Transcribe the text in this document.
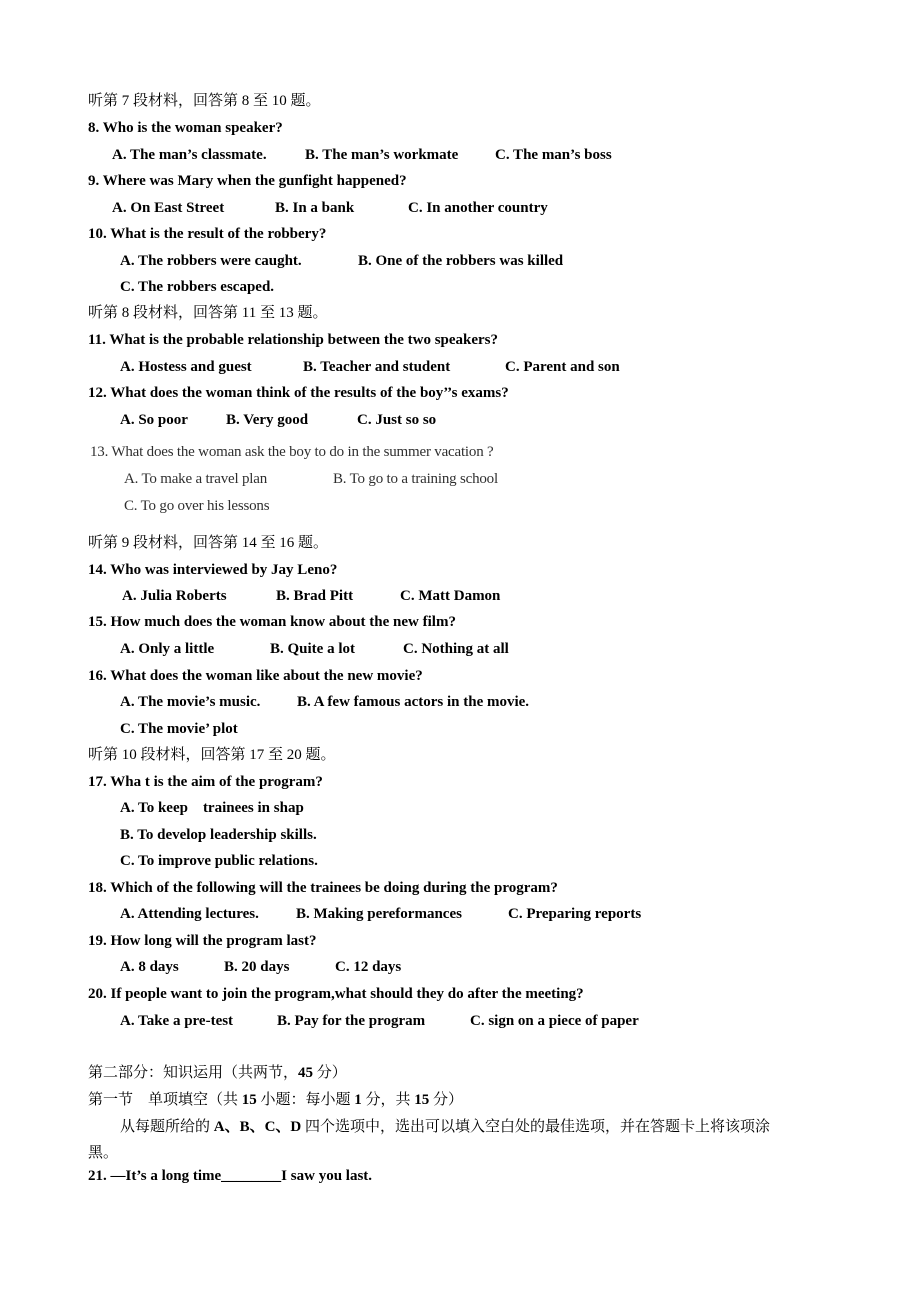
听第 7 段材料，回答第 8 至 10 题。
8. Who is the woman speaker?
A. The man’s classmate.	B. The man’s workmate C. The man’s boss
9. Where was Mary when the gunfight happened?
A. On East Street	B. In a bank	C. In another country
10. What is the result of the robbery?
A. The robbers were caught.	B. One of the robbers was killed
C. The robbers escaped.
听第 8 段材料，回答第 11 至 13 题。
11. What is the probable relationship between the two speakers?
A. Hostess and guest	B. Teacher and student	C. Parent and son
12. What does the woman think of the results of the boy’’s exams?
A. So poor	B. Very good	C. Just so so
13. What does the woman ask the boy to do in the summer vacation ?
A. To make a travel plan	B. To go to a training school
C. To go over his lessons
听第 9 段材料，回答第 14 至 16 题。
14. Who was interviewed by Jay Leno?
A. Julia Roberts	B. Brad Pitt	C. Matt Damon
15. How much does the woman know about the new film?
A. Only a little	B. Quite a lot	C. Nothing at all
16. What does the woman like about the new movie?
A. The movie’s music. B. A few famous actors in the movie.
C. The movie’ plot
听第 10 段材料，回答第 17 至 20 题。
17. Wha t is the aim of the program?
A. To keep    trainees in shap
B. To develop leadership skills.
C. To improve public relations.
18. Which of the following will the trainees be doing during the program?
A. Attending lectures. B. Making pereformances	C. Preparing reports
19. How long will the program last?
A. 8 days	B. 20 days	C. 12 days
20. If people want to join the program,what should they do after the meeting?
A. Take a pre-test	B. Pay for the program	C. sign on a piece of paper
第二部分：知识运用（共两节，45 分）
第一节　单项填空（共 15 小题：每小题 1 分，共 15 分）
从每题所给的 A、B、C、D 四个选项中，选出可以填入空白处的最佳选项，并在答题卡上将该项涂
黑。
21. —It’s a long time________I saw you last.
